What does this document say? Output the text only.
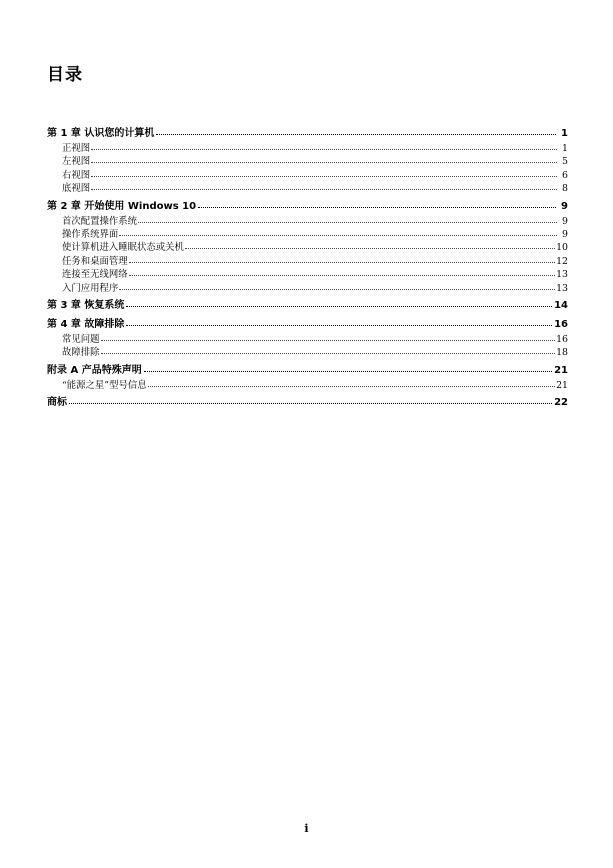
目录
第 1 章 认识您的计算机	1
正视图	1
左视图	5
右视图	6
底视图	8
第 2 章 开始使用 Windows 10	9
首次配置操作系统	9
操作系统界面	9
使计算机进入睡眠状态或关机	10
任务和桌面管理	12
连接至无线网络	13
入门应用程序	13
第 3 章 恢复系统	14
第 4 章 故障排除	16
常见问题	16
故障排除	18
附录 A 产品特殊声明	21
“能源之星”型号信息	21
商标	22
i
